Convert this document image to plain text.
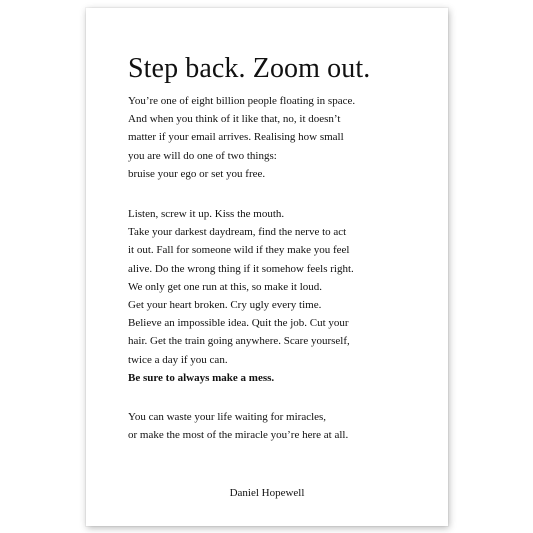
Step back. Zoom out.
You’re one of eight billion people floating in space.
And when you think of it like that, no, it doesn’t
matter if your email arrives. Realising how small
you are will do one of two things:
bruise your ego or set you free.
Listen, screw it up. Kiss the mouth.
Take your darkest daydream, find the nerve to act
it out. Fall for someone wild if they make you feel
alive. Do the wrong thing if it somehow feels right.
We only get one run at this, so make it loud.
Get your heart broken. Cry ugly every time.
Believe an impossible idea. Quit the job. Cut your
hair. Get the train going anywhere. Scare yourself,
twice a day if you can.
Be sure to always make a mess.
You can waste your life waiting for miracles,
or make the most of the miracle you’re here at all.
Daniel Hopewell
